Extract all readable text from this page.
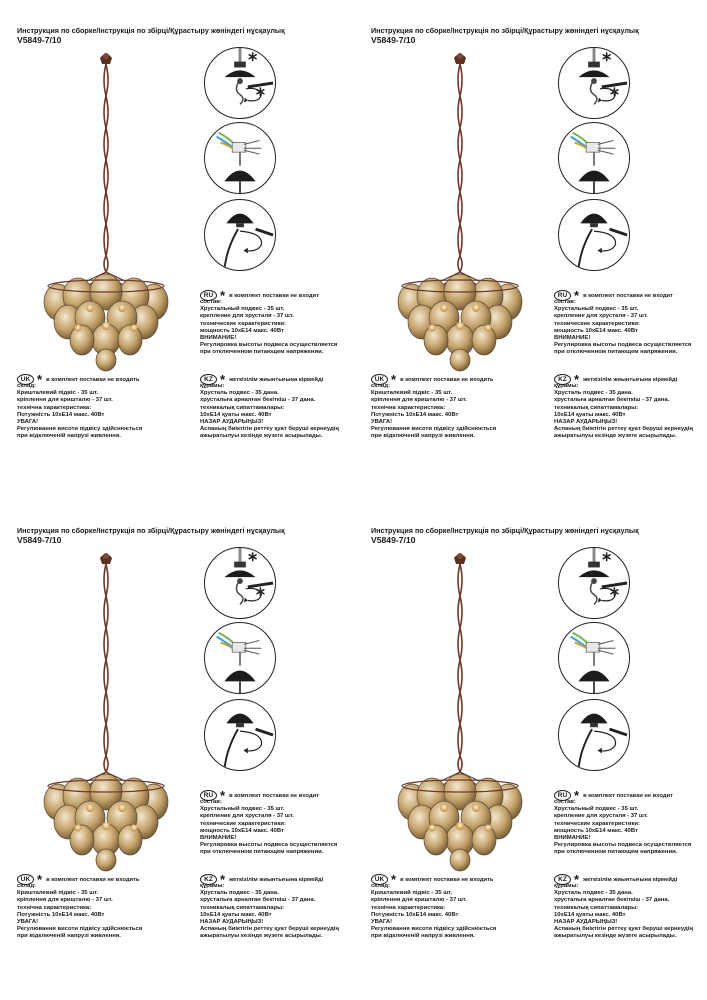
Инструкция по сборке/Інструкція по збірці/Құрастыру жөніндегі нұсқаулық
V5849-7/10
RU * в комплект поставки не входит
состав:
Хрустальный подвес - 35 шт.
крепление для хрусталя - 37 шт.
технические характеристики:
мощность 10хЕ14 макс. 40Вт
ВНИМАНИЕ!
Регулировка высоты подвеса осуществляется
при отключенном питающем напряжении.
UK * в комплект поставки не входить
склад:
Кришталевий підвіс - 35 шт.
кріплення для кришталю - 37 шт.
технічна характеристика:
Потужність 10хЕ14 макс. 40Вт
УВАГА!
Регулювання висоти підвісу здійснюється
при відключеній напрузі живлення.
KZ * жеткізілім жиынтығына кірмейді
құрамы:
Хрусталь подвес - 35 дана.
хрустальға арналған бекіткіш - 37 дана.
техникалық сипаттамалары:
10хЕ14 қуаты макс. 40Вт
НАЗАР АУДАРЫҢЫЗ!
Аспаның биіктігін реттеу қуат беруші кернеудің
ажыратылуы кезінде жүзеге асырылады.
Инструкция по сборке/Інструкція по збірці/Құрастыру жөніндегі нұсқаулық
V5849-7/10
RU * в комплект поставки не входит
состав:
Хрустальный подвес - 35 шт.
крепление для хрусталя - 37 шт.
технические характеристики:
мощность 10хЕ14 макс. 40Вт
ВНИМАНИЕ!
Регулировка высоты подвеса осуществляется
при отключенном питающем напряжении.
UK * в комплект поставки не входить
склад:
Кришталевий підвіс - 35 шт.
кріплення для кришталю - 37 шт.
технічна характеристика:
Потужність 10хЕ14 макс. 40Вт
УВАГА!
Регулювання висоти підвісу здійснюється
при відключеній напрузі живлення.
KZ * жеткізілім жиынтығына кірмейді
құрамы:
Хрусталь подвес - 35 дана.
хрустальға арналған бекіткіш - 37 дана.
техникалық сипаттамалары:
10хЕ14 қуаты макс. 40Вт
НАЗАР АУДАРЫҢЫЗ!
Аспаның биіктігін реттеу қуат беруші кернеудің
ажыратылуы кезінде жүзеге асырылады.
Инструкция по сборке/Інструкція по збірці/Құрастыру жөніндегі нұсқаулық
V5849-7/10
RU * в комплект поставки не входит
состав:
Хрустальный подвес - 35 шт.
крепление для хрусталя - 37 шт.
технические характеристики:
мощность 10хЕ14 макс. 40Вт
ВНИМАНИЕ!
Регулировка высоты подвеса осуществляется
при отключенном питающем напряжении.
UK * в комплект поставки не входить
склад:
Кришталевий підвіс - 35 шт.
кріплення для кришталю - 37 шт.
технічна характеристика:
Потужність 10хЕ14 макс. 40Вт
УВАГА!
Регулювання висоти підвісу здійснюється
при відключеній напрузі живлення.
KZ * жеткізілім жиынтығына кірмейді
құрамы:
Хрусталь подвес - 35 дана.
хрустальға арналған бекіткіш - 37 дана.
техникалық сипаттамалары:
10хЕ14 қуаты макс. 40Вт
НАЗАР АУДАРЫҢЫЗ!
Аспаның биіктігін реттеу қуат беруші кернеудің
ажыратылуы кезінде жүзеге асырылады.
Инструкция по сборке/Інструкція по збірці/Құрастыру жөніндегі нұсқаулық
V5849-7/10
RU * в комплект поставки не входит
состав:
Хрустальный подвес - 35 шт.
крепление для хрусталя - 37 шт.
технические характеристики:
мощность 10хЕ14 макс. 40Вт
ВНИМАНИЕ!
Регулировка высоты подвеса осуществляется
при отключенном питающем напряжении.
UK * в комплект поставки не входить
склад:
Кришталевий підвіс - 35 шт.
кріплення для кришталю - 37 шт.
технічна характеристика:
Потужність 10хЕ14 макс. 40Вт
УВАГА!
Регулювання висоти підвісу здійснюється
при відключеній напрузі живлення.
KZ * жеткізілім жиынтығына кірмейді
құрамы:
Хрусталь подвес - 35 дана.
хрустальға арналған бекіткіш - 37 дана.
техникалық сипаттамалары:
10хЕ14 қуаты макс. 40Вт
НАЗАР АУДАРЫҢЫЗ!
Аспаның биіктігін реттеу қуат беруші кернеудің
ажыратылуы кезінде жүзеге асырылады.
